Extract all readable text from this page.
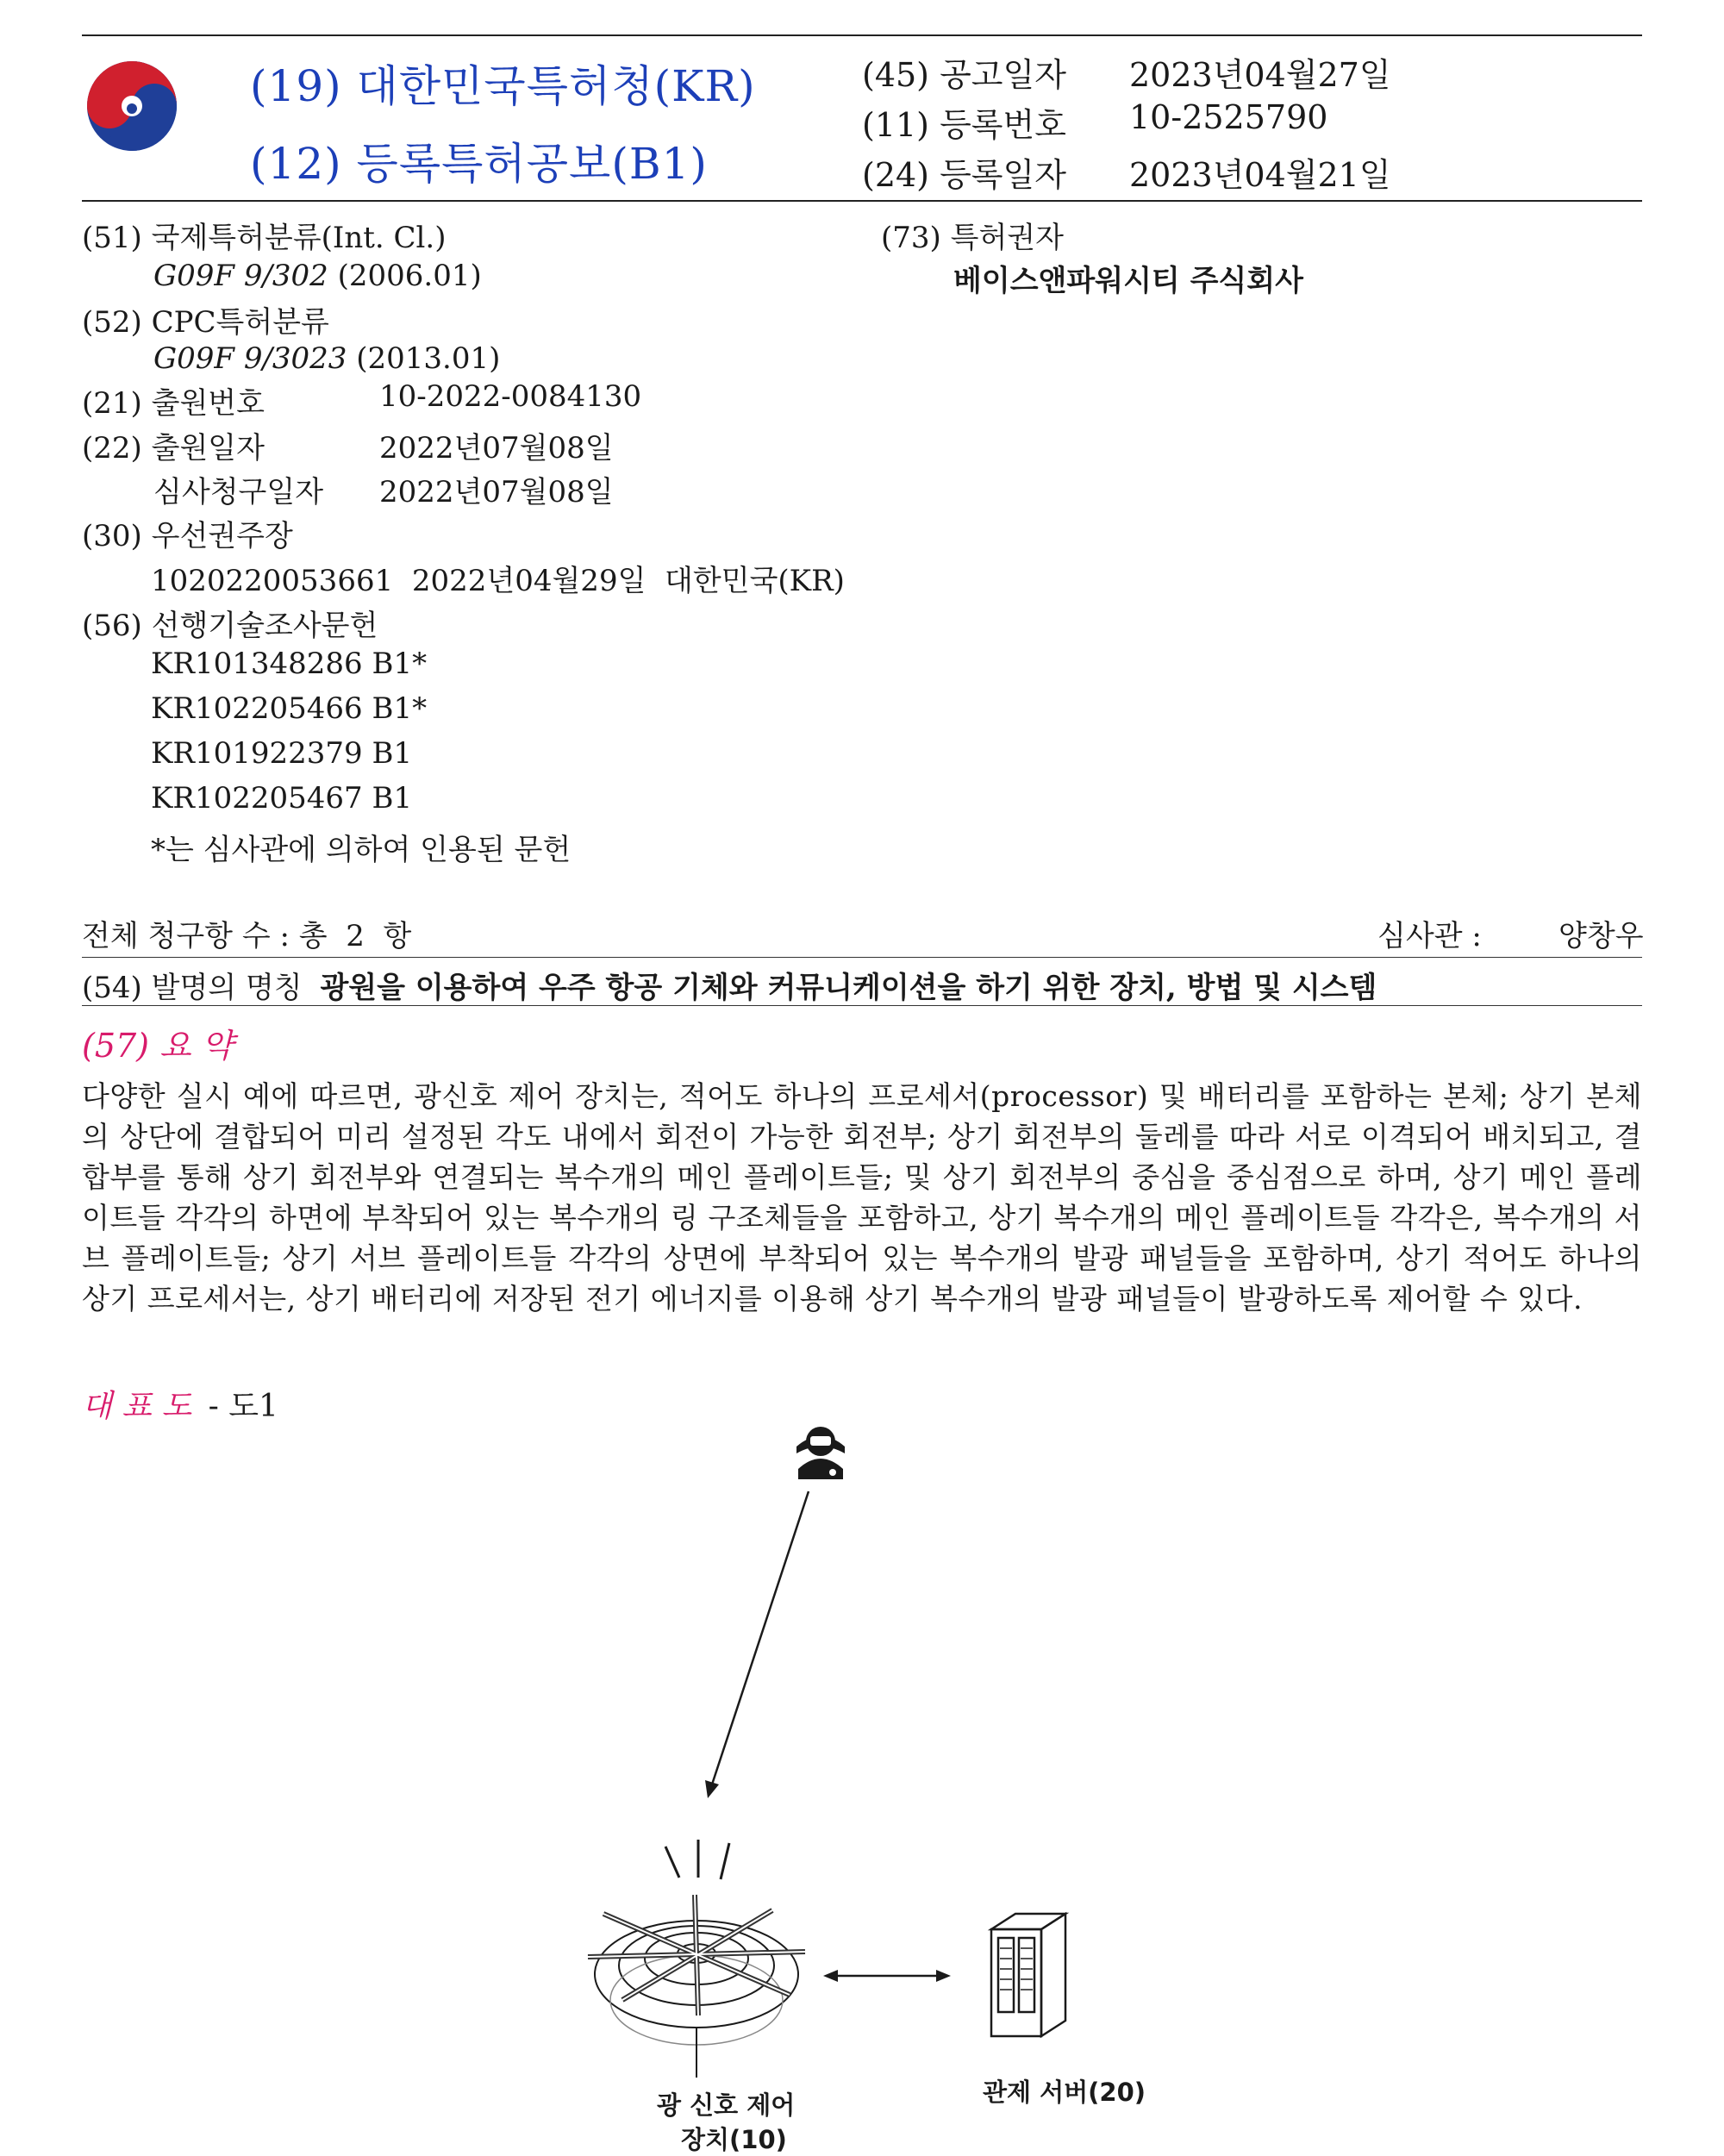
(19) 대한민국특허청(KR)
(12) 등록특허공보(B1)
(45) 공고일자 2023년04월27일
(11) 등록번호 10-2525790
(24) 등록일자 2023년04월21일
(51) 국제특허분류(Int. Cl.)
G09F 9/302 (2006.01)
(52) CPC특허분류
G09F 9/3023 (2013.01)
(21) 출원번호	10-2022-0084130
(22) 출원일자	2022년07월08일
심사청구일자 2022년07월08일
(30) 우선권주장
1020220053661  2022년04월29일  대한민국(KR)
(56) 선행기술조사문헌
KR101348286 B1*
KR102205466 B1*
KR101922379 B1
KR102205467 B1
*는 심사관에 의하여 인용된 문헌
(73) 특허권자
베이스앤파워시티 주식회사
전체 청구항 수 : 총  2  항	심사관 :	양창우
(54) 발명의 명칭 광원을 이용하여 우주 항공 기체와 커뮤니케이션을 하기 위한 장치, 방법 및 시스템
(57) 요 약
다양한 실시 예에 따르면, 광신호 제어 장치는, 적어도 하나의 프로세서(processor) 및 배터리를 포함하는 본체; 상기 본체의 상단에 결합되어 미리 설정된 각도 내에서 회전이 가능한 회전부; 상기 회전부의 둘레를 따라 서로 이격되어 배치되고, 결합부를 통해 상기 회전부와 연결되는 복수개의 메인 플레이트들; 및 상기 회전부의 중심을 중심점으로 하며, 상기 메인 플레이트들 각각의 하면에 부착되어 있는 복수개의 링 구조체들을 포함하고, 상기 복수개의 메인 플레이트들 각각은, 복수개의 서브 플레이트들; 상기 서브 플레이트들 각각의 상면에 부착되어 있는 복수개의 발광 패널들을 포함하며, 상기 적어도 하나의 상기 프로세서는, 상기 배터리에 저장된 전기 에너지를 이용해 상기 복수개의 발광 패널들이 발광하도록 제어할 수 있다.
대 표 도 - 도1
광 신호 제어
장치(10)
관제 서버(20)
